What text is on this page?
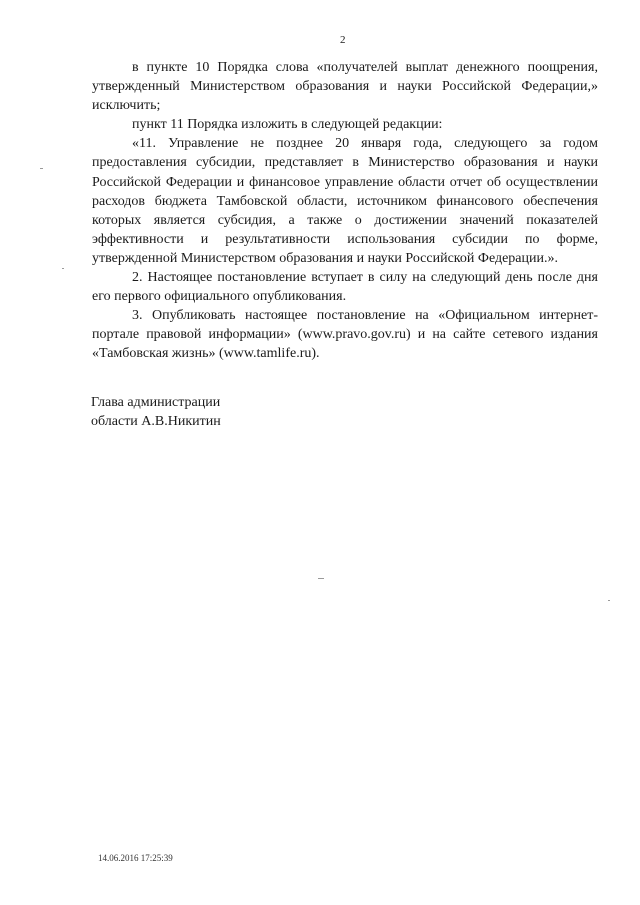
2

в пункте 10 Порядка слова «получателей выплат денежного поощрения, утвержденный Министерством образования и науки Российской Федерации,» исключить;

пункт 11 Порядка изложить в следующей редакции:

«11. Управление не позднее 20 января года, следующего за годом предоставления субсидии, представляет в Министерство образования и науки Российской Федерации и финансовое управление области отчет об осуществлении расходов бюджета Тамбовской области, источником финансового обеспечения которых является субсидия, а также о достижении значений показателей эффективности и результативности использования субсидии по форме, утвержденной Министерством образования и науки Российской Федерации.».

2. Настоящее постановление вступает в силу на следующий день после дня его первого официального опубликования.

3. Опубликовать настоящее постановление на «Официальном интернет-портале правовой информации» (www.pravo.gov.ru) и на сайте сетевого издания «Тамбовская жизнь» (www.tamlife.ru).

Глава администрации
области А.В.Никитин
14.06.2016 17:25:39
